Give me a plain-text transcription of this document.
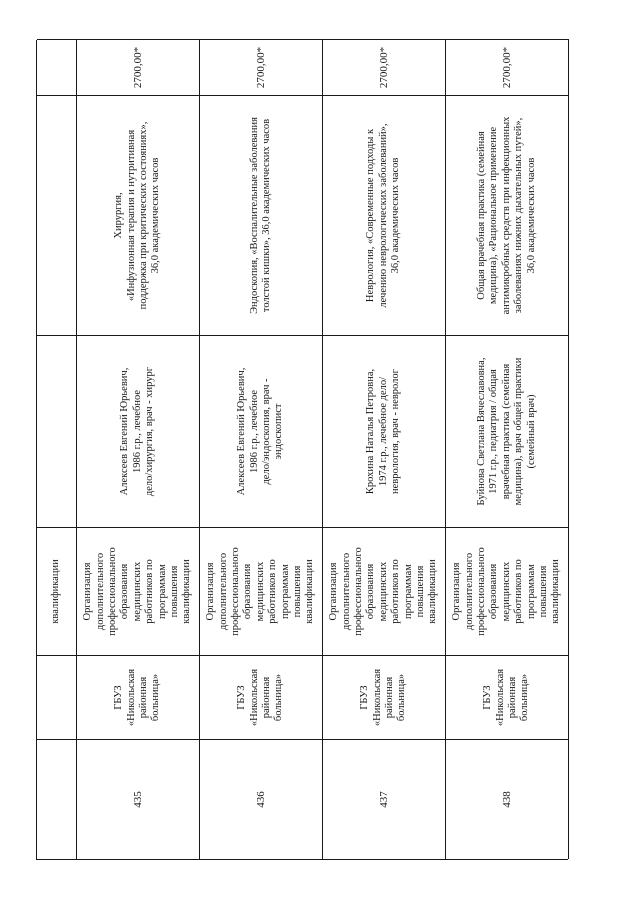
квалификации
435
ГБУЗ «Никольская
районная больница»
Организация
дополнительного
профессионального
образования
медицинских
работников по
программам
повышения
квалификации
Алексеев Евгений Юрьевич,
1986 г.р., лечебное
дело/хирургия, врач - хирург
Хирургия,
«Инфузионная терапия и нутритивная
поддержка при критических состояниях»,
36,0 академических часов
2700,00*
436
ГБУЗ «Никольская
районная больница»
Организация
дополнительного
профессионального
образования
медицинских
работников по
программам
повышения
квалификации
Алексеев Евгений Юрьевич,
1986 г.р., лечебное
дело/эндоскопия, врач -
эндоскопист
Эндоскопия, «Воспалительные заболевания
толстой кишки», 36,0 академических часов
2700,00*
437
ГБУЗ «Никольская
районная больница»
Организация
дополнительного
профессионального
образования
медицинских
работников по
программам
повышения
квалификации
Крохина Наталья Петровна,
1974 г.р., лечебное дело/
неврология, врач - невролог
Неврология, «Современные подходы к
лечению неврологических заболеваний»,
36,0 академических часов
2700,00*
438
ГБУЗ «Никольская
районная больница»
Организация
дополнительного
профессионального
образования
медицинских
работников по
программам
повышения
квалификации
Буйнова Светлана Вячеславовна,
1971 г.р., педиатрия / общая
врачебная практика (семейная
медицина), врач общей практики
(семейный врач)
Общая врачебная практика (семейная
медицина), «Рациональное применение
антимикробных средств при инфекционных
заболеваниях нижних дыхательных путей»,
36,0 академических часов
2700,00*
